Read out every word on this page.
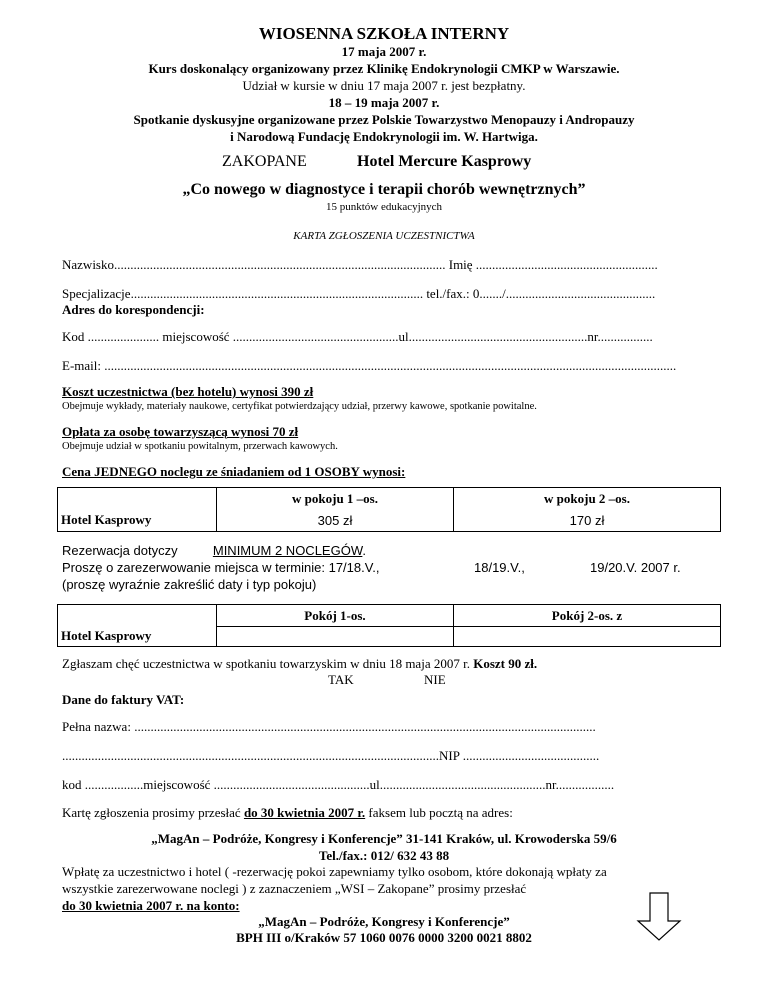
WIOSENNA SZKOŁA INTERNY
17 maja 2007 r.
Kurs doskonalący organizowany przez Klinikę Endokrynologii CMKP w Warszawie.
Udział w kursie w dniu 17 maja 2007 r. jest bezpłatny.
18 – 19 maja 2007 r.
Spotkanie dyskusyjne organizowane przez Polskie Towarzystwo Menopauzy i Andropauzy
i Narodową Fundację Endokrynologii im. W. Hartwiga.
ZAKOPANE	Hotel Mercure Kasprowy
„Co nowego w diagnostyce i terapii chorób wewnętrznych”
15 punktów edukacyjnych
KARTA ZGŁOSZENIA UCZESTNICTWA
Nazwisko...................................................................................................... Imię ........................................................
Specjalizacje.......................................................................................... tel./fax.: 0......./..............................................
Adres do korespondencji:
Kod ...................... miejscowość ...................................................ul.......................................................nr.................
E-mail: ................................................................................................................................................................................
Koszt uczestnictwa (bez hotelu) wynosi 390 zł
Obejmuje wykłady, materiały naukowe, certyfikat potwierdzający udział, przerwy kawowe, spotkanie powitalne.
Opłata za osobę towarzyszącą wynosi 70 zł
Obejmuje udział w spotkaniu powitalnym, przerwach kawowych.
Cena JEDNEGO noclegu ze śniadaniem od 1 OSOBY wynosi:
	w pokoju 1 –os.	w pokoju 2 –os.
Hotel Kasprowy	305 zł	170 zł
Rezerwacja dotyczy	MINIMUM 2 NOCLEGÓW.
Proszę o zarezerwowanie miejsca w terminie: 17/18.V.,	18/19.V.,	19/20.V. 2007 r.
(proszę wyraźnie zakreślić daty i typ pokoju)
	Pokój 1-os.	Pokój 2-os. z
Hotel Kasprowy		
Zgłaszam chęć uczestnictwa w spotkaniu towarzyskim w dniu 18 maja 2007 r. Koszt 90 zł.
TAK	NIE
Dane do faktury VAT:
Pełna nazwa: ..............................................................................................................................................
....................................................................................................................NIP ..........................................
kod ..................miejscowość ................................................ul...................................................nr..................
Kartę zgłoszenia prosimy przesłać do 30 kwietnia 2007 r. faksem lub pocztą na adres:
„MagAn – Podróże, Kongresy i Konferencje” 31-141 Kraków, ul. Krowoderska 59/6
Tel./fax.: 012/ 632 43 88
Wpłatę za uczestnictwo i hotel ( -rezerwację pokoi zapewniamy tylko osobom, które dokonają wpłaty za
wszystkie zarezerwowane noclegi ) z zaznaczeniem „WSI – Zakopane” prosimy przesłać
do 30 kwietnia 2007 r. na konto:
„MagAn – Podróże, Kongresy i Konferencje”
BPH III o/Kraków 57 1060 0076 0000 3200 0021 8802
